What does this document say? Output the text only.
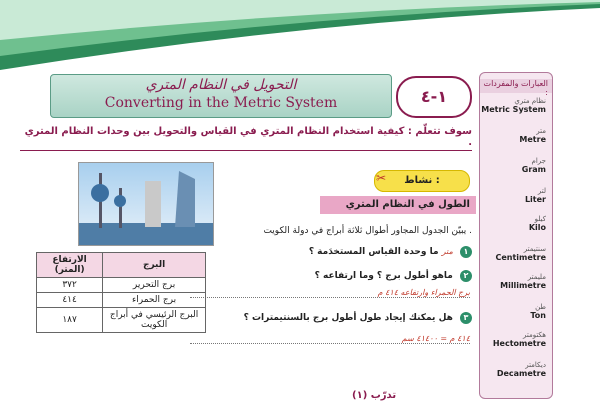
التحويل في النظام المتري
Converting in the Metric System	١-٤
العبارات والمفردات :
نظام متري
Metric System
متر
Metre
جرام
Gram
لتر
Liter
كيلو
Kilo
سنتيمتر
Centimetre
مليمتر
Millimetre
طن
Ton
هكتومتر
Hectometre
ديكامتر
Decametre
سوف تتعلّم : كيفية استخدام النظام المتري في القياس والتحويل بين وحدات النظام المتري .
نشاط :
✂
الطول في النظام المتري
يبيّن الجدول المجاور أطوال ثلاثة أبراج في دولة الكويت .
متر ما وحدة القياس المستخدَمة ؟	١
ماهو أطول برج ؟ وما ارتفاعه ؟ ٢
برج الحمراء وارتفاعه ٤١٤ م
هل يمكنك إيجاد طول أطول برج بالسنتيمترات ؟ ٣
٤١٤ م = ٤١٤٠٠ سم
الارتفاع (المتر)	البرج
٣٧٢	برج التحرير
٤١٤	برج الحمراء
١٨٧	البرج الرئيسي في أبراج الكويت
تدرّب (١)
